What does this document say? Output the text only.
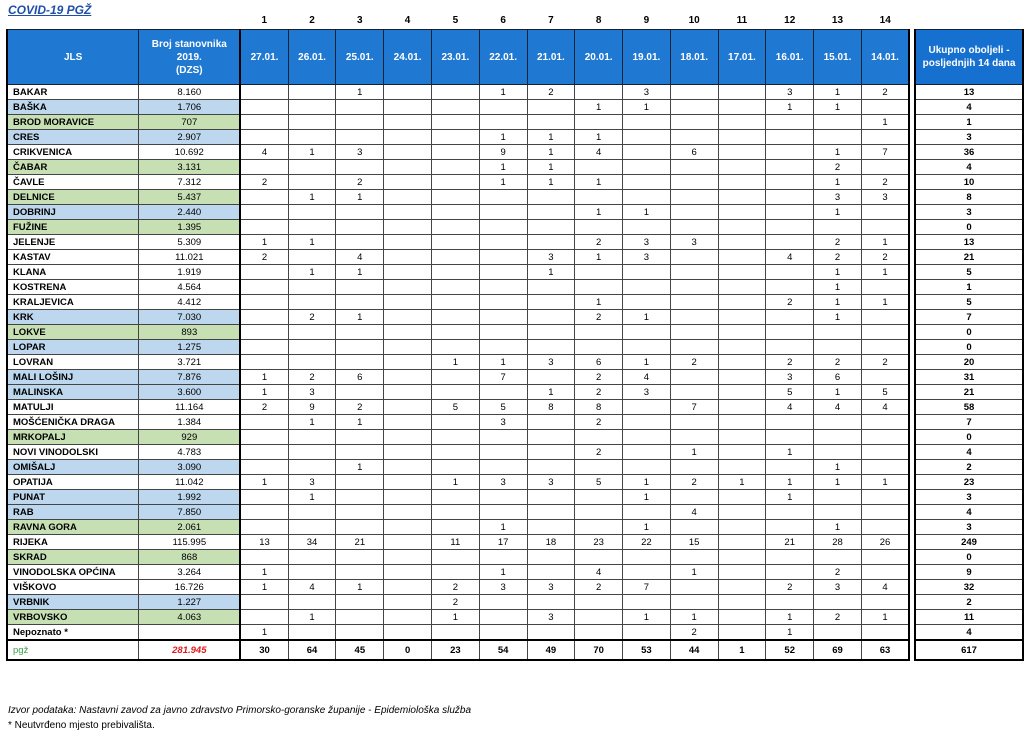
COVID-19 PGŽ
		1	2	3	4	5	6	7	8	9	10	11	12	13	14		
JLS	Broj stanovnika
2019.
(DZS)	27.01.	26.01.	25.01.	24.01.	23.01.	22.01.	21.01.	20.01.	19.01.	18.01.	17.01.	16.01.	15.01.	14.01.		Ukupno oboljeli -
posljednjih 14 dana
BAKAR	8.160			1			1	2		3			3	1	2		13
BAŠKA	1.706								1	1			1	1			4
BROD MORAVICE	707														1		1
CRES	2.907						1	1	1								3
CRIKVENICA	10.692	4	1	3			9	1	4		6			1	7		36
ČABAR	3.131						1	1						2			4
ČAVLE	7.312	2		2			1	1	1					1	2		10
DELNICE	5.437		1	1										3	3		8
DOBRINJ	2.440								1	1				1			3
FUŽINE	1.395																0
JELENJE	5.309	1	1						2	3	3			2	1		13
KASTAV	11.021	2		4				3	1	3			4	2	2		21
KLANA	1.919		1	1				1						1	1		5
KOSTRENA	4.564													1			1
KRALJEVICA	4.412								1				2	1	1		5
KRK	7.030		2	1					2	1				1			7
LOKVE	893																0
LOPAR	1.275																0
LOVRAN	3.721					1	1	3	6	1	2		2	2	2		20
MALI LOŠINJ	7.876	1	2	6			7		2	4			3	6			31
MALINSKA	3.600	1	3					1	2	3			5	1	5		21
MATULJI	11.164	2	9	2		5	5	8	8		7		4	4	4		58
MOŠĆENIČKA DRAGA	1.384		1	1			3		2								7
MRKOPALJ	929																0
NOVI VINODOLSKI	4.783								2		1		1				4
OMIŠALJ	3.090			1										1			2
OPATIJA	11.042	1	3			1	3	3	5	1	2	1	1	1	1		23
PUNAT	1.992		1							1			1				3
RAB	7.850										4						4
RAVNA GORA	2.061						1			1				1			3
RIJEKA	115.995	13	34	21		11	17	18	23	22	15		21	28	26		249
SKRAD	868																0
VINODOLSKA OPĆINA	3.264	1					1		4		1			2			9
VIŠKOVO	16.726	1	4	1		2	3	3	2	7			2	3	4		32
VRBNIK	1.227					2											2
VRBOVSKO	4.063		1			1		3		1	1		1	2	1		11
Nepoznato *		1									2		1				4
pgž	281.945	30	64	45	0	23	54	49	70	53	44	1	52	69	63		617
Izvor podataka: Nastavni zavod za javno zdravstvo Primorsko-goranske županije - Epidemiološka služba
* Neutvrđeno mjesto prebivališta.
